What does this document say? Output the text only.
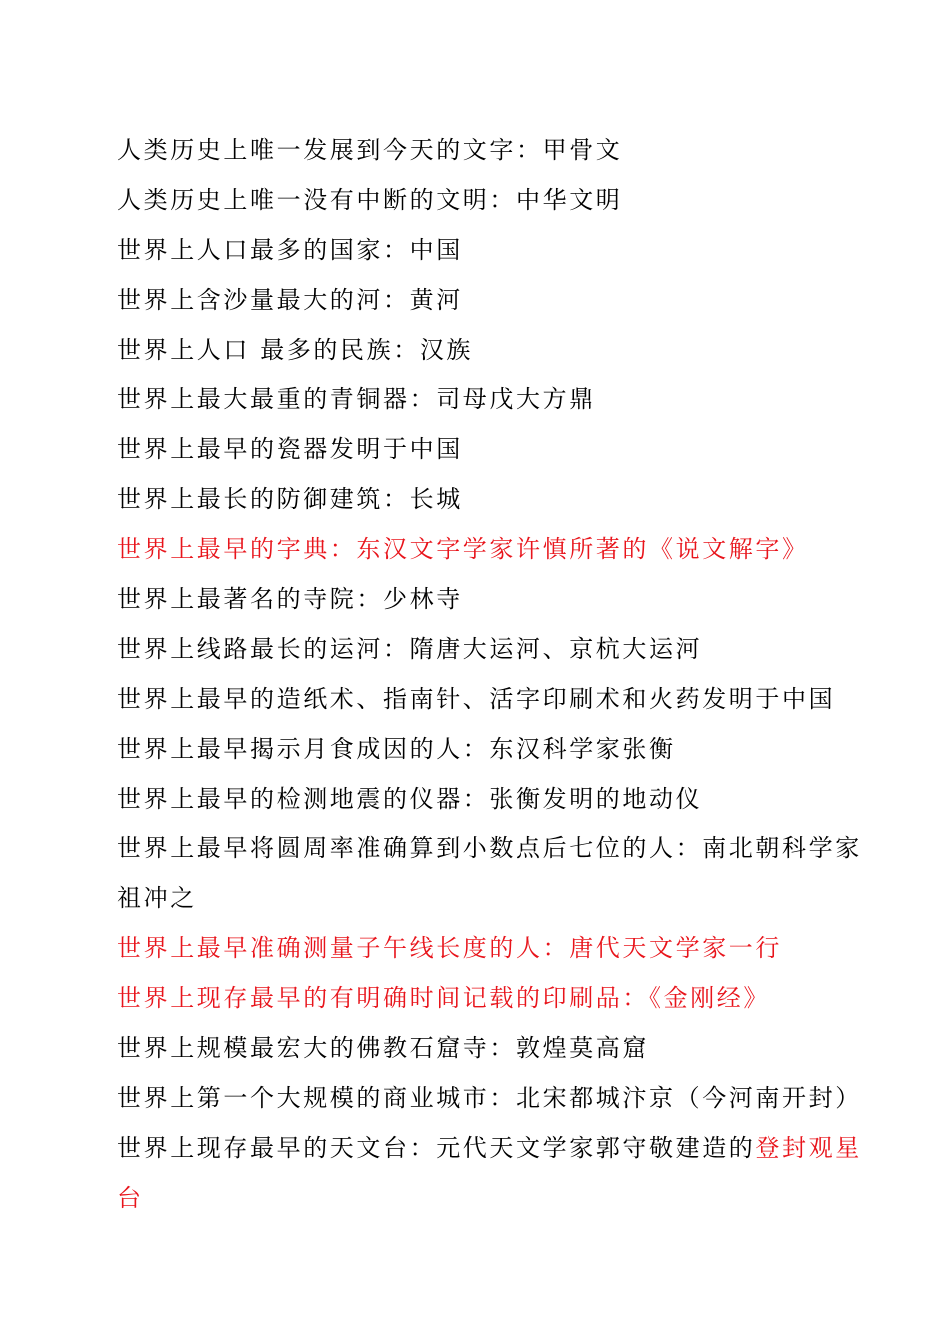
人类历史上唯一发展到今天的文字：甲骨文
人类历史上唯一没有中断的文明：中华文明
世界上人口最多的国家：中国
世界上含沙量最大的河：黄河
世界上人口 最多的民族：汉族
世界上最大最重的青铜器：司母戊大方鼎
世界上最早的瓷器发明于中国
世界上最长的防御建筑：长城
世界上最早的字典：东汉文字学家许慎所著的《说文解字》
世界上最著名的寺院：少林寺
世界上线路最长的运河：隋唐大运河、京杭大运河
世界上最早的造纸术、指南针、活字印刷术和火药发明于中国
世界上最早揭示月食成因的人：东汉科学家张衡
世界上最早的检测地震的仪器：张衡发明的地动仪
世界上最早将圆周率准确算到小数点后七位的人：南北朝科学家
祖冲之
世界上最早准确测量子午线长度的人：唐代天文学家一行
世界上现存最早的有明确时间记载的印刷品：《金刚经》
世界上规模最宏大的佛教石窟寺：敦煌莫高窟
世界上第一个大规模的商业城市：北宋都城汴京（今河南开封）
世界上现存最早的天文台：元代天文学家郭守敬建造的登封观星
台
